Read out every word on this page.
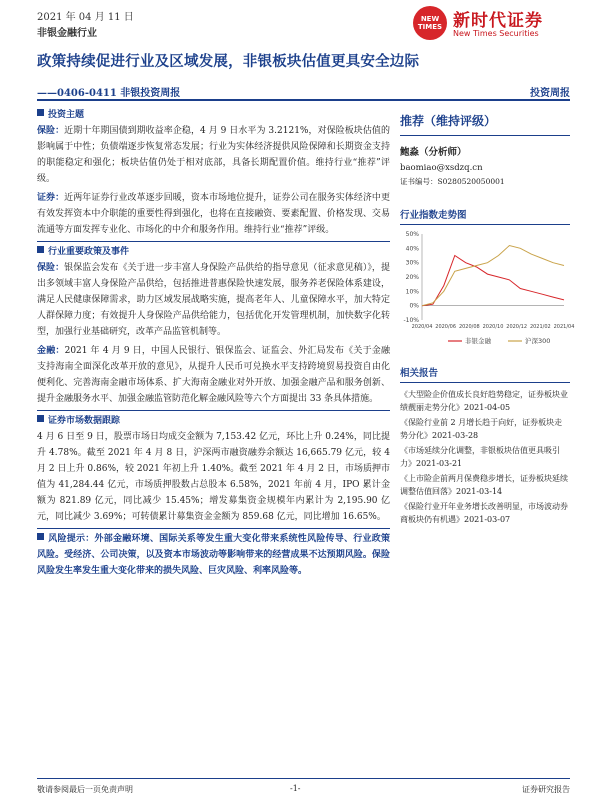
2021 年 04 月 11 日
非银金融行业
NEW TIMES 新时代证券
New Times Securities
政策持续促进行业及区域发展，非银板块估值更具安全边际
——0406-0411 非银投资周报	投资周报
投资主题
保险：近期十年期国债到期收益率企稳，4 月 9 日水平为 3.2121%，对保险板块估值的影响属于中性；负债端逐步恢复常态发展；行业为实体经济提供风险保障和长期资金支持的职能稳定和强化；板块估值仍处于相对底部，具备长期配置价值。维持行业“推荐”评级。
证券：近两年证券行业改革逐步回暖，资本市场地位提升，证券公司在服务实体经济中更有效发挥资本中介职能的重要性得到强化，也将在直接融资、要素配置、价格发现、交易流通等方面发挥专业化、市场化的中介和服务作用。维持行业“推荐”评级。
行业重要政策及事件
保险：银保监会发布《关于进一步丰富人身保险产品供给的指导意见（征求意见稿）》，提出多领域丰富人身保险产品供给，包括推进普惠保险快速发展，服务养老保险体系建设，满足人民健康保障需求，助力区域发展战略实施，提高老年人、儿童保障水平，加大特定人群保障力度；有效提升人身保险产品供给能力，包括优化开发管理机制，加快数字化转型，加强行业基础研究，改革产品监管机制等。
金融：2021 年 4 月 9 日，中国人民银行、银保监会、证监会、外汇局发布《关于金融支持海南全面深化改革开放的意见》，从提升人民币可兑换水平支持跨境贸易投资自由化便利化、完善海南金融市场体系、扩大海南金融业对外开放、加强金融产品和服务创新、提升金融服务水平、加强金融监管防范化解金融风险等六个方面提出 33 条具体措施。
证券市场数据跟踪
4 月 6 日至 9 日，股票市场日均成交金额为 7,153.42 亿元，环比上升 0.24%，同比提升 4.78%。截至 2021 年 4 月 8 日，沪深两市融资融券余额达 16,665.79 亿元，较 4 月 2 日上升 0.86%，较 2021 年初上升 1.40%。截至 2021 年 4 月 2 日，市场质押市值为 41,284.44 亿元，市场质押股数占总股本 6.58%，2021 年前 4 月，IPO 累计金额为 821.89 亿元，同比减少 15.45%；增发募集资金规模年内累计为 2,195.90 亿元，同比减少 3.69%；可转债累计募集资金金额为 859.68 亿元，同比增加 16.65%。
风险提示：外部金融环境、国际关系等发生重大变化带来系统性风险传导、行业政策风险。受经济、公司决策，以及资本市场波动等影响带来的经营成果不达预期风险。保险风险发生率发生重大变化带来的损失风险、巨灾风险、利率风险等。
推荐（维持评级）
鲍淼（分析师）
baomiao@xsdzq.cn
证书编号：S0280520050001
行业指数走势图
-10%
0%
10%
20%
30%
40%
50%
2020/04 2020/06 2020/08 2020/10 2020/12 2021/02 2021/04
非银金融	沪深300
相关报告
《大型险企价值成长良好趋势稳定，证券板块业绩靓丽走势分化》2021-04-05
《保险行业前 2 月增长趋于向好，证券板块走势分化》2021-03-28
《市场延续分化调整，非银板块估值更具吸引力》2021-03-21
《上市险企前两月保费稳步增长，证券板块延续调整估值回落》2021-03-14
《保险行业开年业务增长改善明显，市场波动券商板块仍有机遇》2021-03-07
敬请参阅最后一页免责声明	-1-	证券研究报告
